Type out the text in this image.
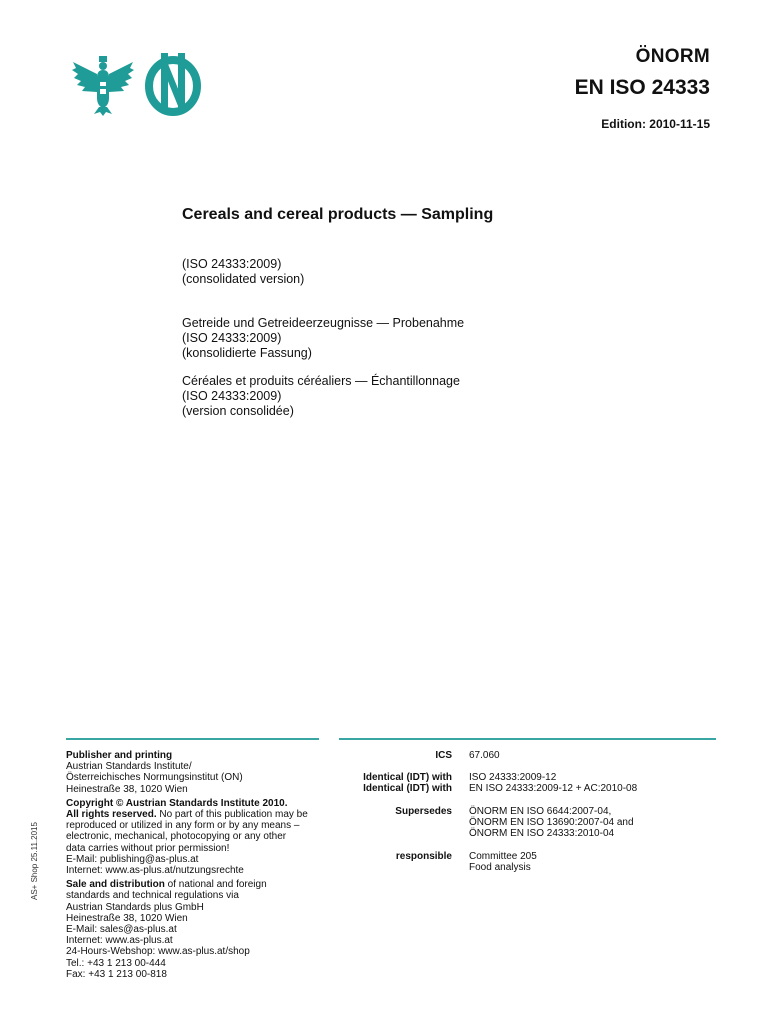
ÖNORM
EN ISO 24333
Edition: 2010-11-15
Cereals and cereal products — Sampling
(ISO 24333:2009)
(consolidated version)
Getreide und Getreideerzeugnisse — Probenahme
(ISO 24333:2009)
(konsolidierte Fassung)
Céréales et produits céréaliers — Échantillonnage
(ISO 24333:2009)
(version consolidée)
Publisher and printing
Austrian Standards Institute/
Österreichisches Normungsinstitut (ON)
Heinestraße 38, 1020 Wien
Copyright © Austrian Standards Institute 2010.
All rights reserved. No part of this publication may be
reproduced or utilized in any form or by any means –
electronic, mechanical, photocopying or any other
data carries without prior permission!
E-Mail: publishing@as-plus.at
Internet: www.as-plus.at/nutzungsrechte
Sale and distribution of national and foreign
standards and technical regulations via
Austrian Standards plus GmbH
Heinestraße 38, 1020 Wien
E-Mail: sales@as-plus.at
Internet: www.as-plus.at
24-Hours-Webshop: www.as-plus.at/shop
Tel.: +43 1 213 00-444
Fax: +43 1 213 00-818
ICS 67.060
Identical (IDT) with
Identical (IDT) with
ISO 24333:2009-12
EN ISO 24333:2009-12 + AC:2010-08
Supersedes ÖNORM EN ISO 6644:2007-04,
ÖNORM EN ISO 13690:2007-04 and
ÖNORM EN ISO 24333:2010-04
responsible Committee 205
Food analysis
AS+ Shop 25.11.2015
